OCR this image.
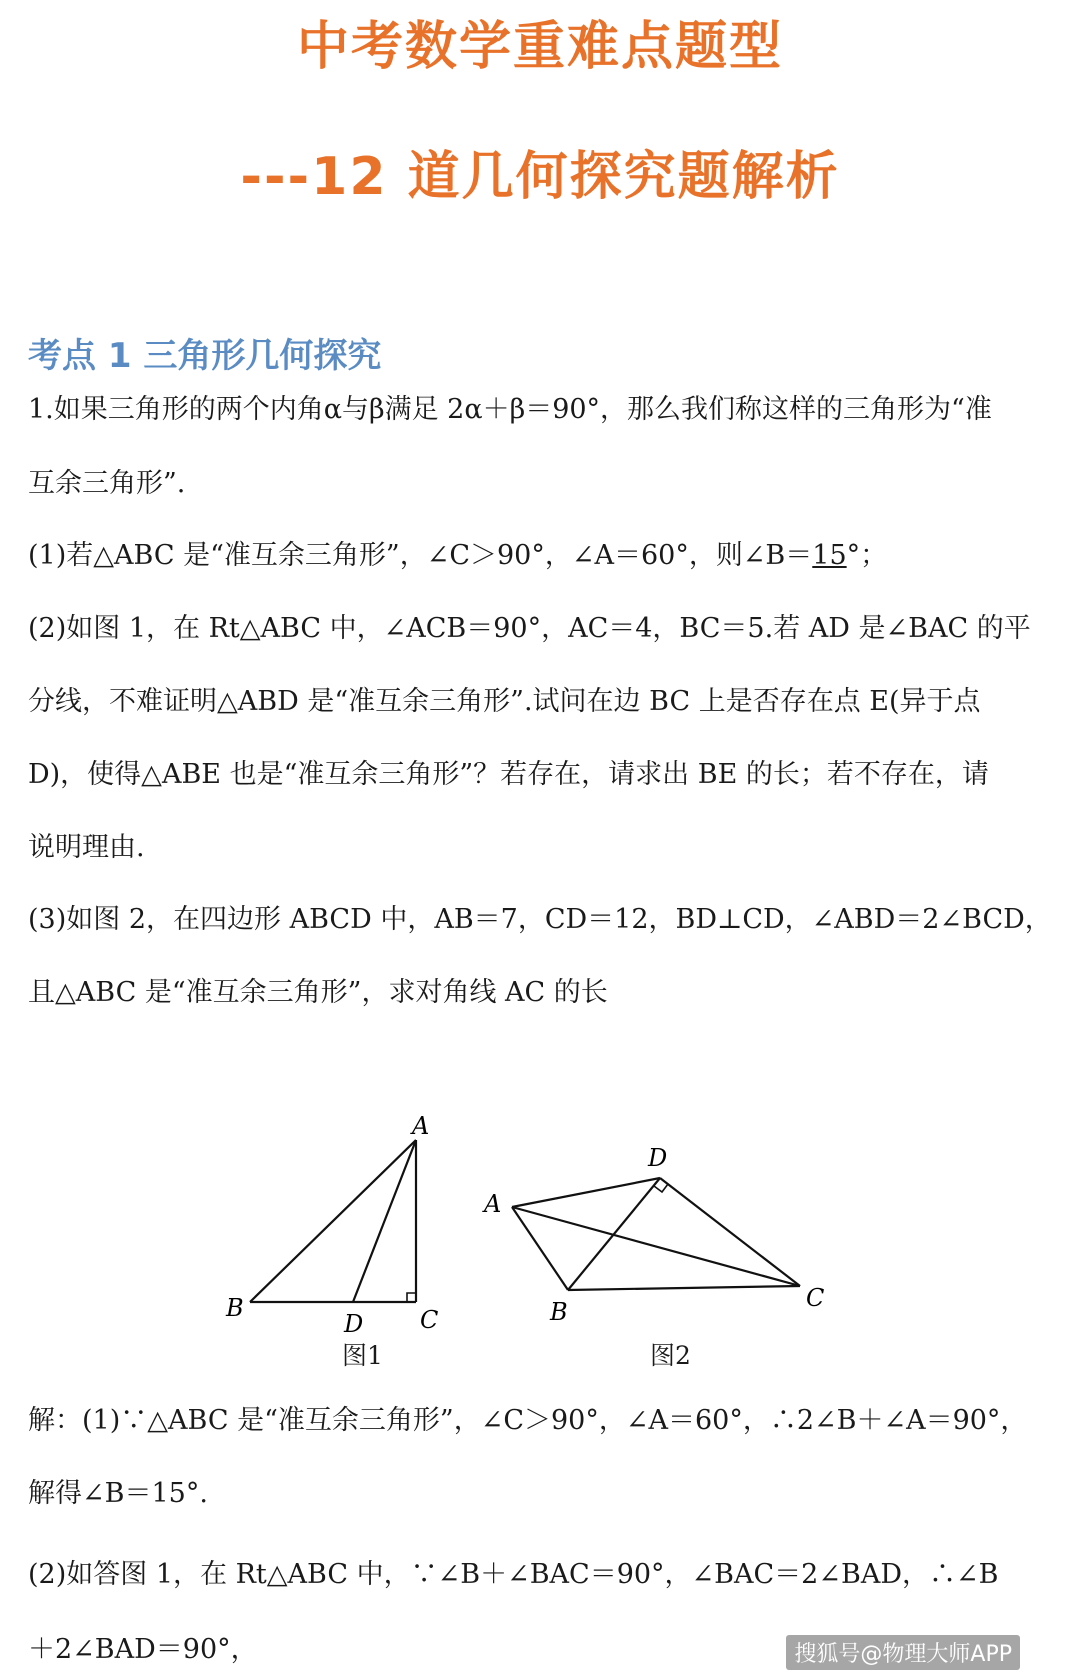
中考数学重难点题型
---12 道几何探究题解析
考点 1 三角形几何探究
1.如果三角形的两个内角α与β满足 2α＋β＝90°，那么我们称这样的三角形为“准
互余三角形”.
(1)若△ABC 是“准互余三角形”，∠C＞90°，∠A＝60°，则∠B＝15°；
(2)如图 1，在 Rt△ABC 中，∠ACB＝90°，AC＝4，BC＝5.若 AD 是∠BAC 的平
分线，不难证明△ABD 是“准互余三角形”.试问在边 BC 上是否存在点 E(异于点
D)，使得△ABE 也是“准互余三角形”？若存在，请求出 BE 的长；若不存在，请
说明理由.
(3)如图 2，在四边形 ABCD 中，AB＝7，CD＝12，BD⊥CD，∠ABD＝2∠BCD，
且△ABC 是“准互余三角形”，求对角线 AC 的长
A
B	C
D
图1
A
B	C
D
图2
解：(1)∵△ABC 是“准互余三角形”，∠C＞90°，∠A＝60°，∴2∠B＋∠A＝90°，
解得∠B＝15°.
(2)如答图 1，在 Rt△ABC 中，∵∠B＋∠BAC＝90°，∠BAC＝2∠BAD，∴∠B
＋2∠BAD＝90°，	搜狐号@物理大师APP
